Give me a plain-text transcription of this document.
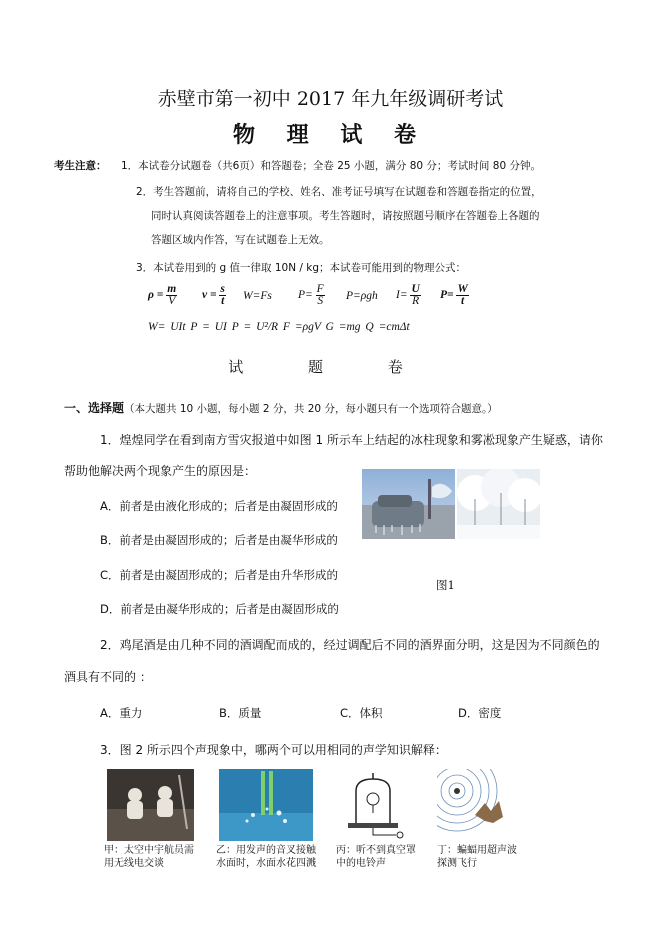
赤壁市第一初中 2017 年九年级调研考试
物 理 试 卷
考生注意： 1．本试卷分试题卷（共6页）和答题卷；全卷 25 小题，满分 80 分；考试时间 80 分钟。
2．考生答题前，请将自己的学校、姓名、准考证号填写在试题卷和答题卷指定的位置，
同时认真阅读答题卷上的注意事项。考生答题时，请按照题号顺序在答题卷上各题的
答题区域内作答，写在试题卷上无效。
3．本试卷用到的 g 值一律取 10N / kg；本试卷可能用到的物理公式：
$\rho = \frac{m}{V}$ $v = \frac{s}{t} W=Fs$ $P= \frac{F}{S} P=\rho gh$ $I= \frac{U}{R} P= \frac{W}{t}$
W= UIt P = UI P = U²/R F =ρgV G =mg Q =cmΔt
试 题 卷
一、选择题（本大题共 10 小题，每小题 2 分，共 20 分，每小题只有一个选项符合题意。）
1．煌煌同学在看到南方雪灾报道中如图 1 所示车上结起的冰柱现象和雾凇现象产生疑惑，请你
帮助他解决两个现象产生的原因是：
A．前者是由液化形成的；后者是由凝固形成的
B．前者是由凝固形成的；后者是由凝华形成的
C．前者是由凝固形成的；后者是由升华形成的
D．前者是由凝华形成的；后者是由凝固形成的
图1
2．鸡尾酒是由几种不同的酒调配而成的，经过调配后不同的酒界面分明，这是因为不同颜色的
酒具有不同的 ：
A．重力	B．质量	C．体积	D．密度
3．图 2 所示四个声现象中，哪两个可以用相同的声学知识解释：
甲：太空中宇航员需用无线电交谈
乙：用发声的音叉接触水面时，水面水花四溅
丙：听不到真空罩中的电铃声
丁：蝙蝠用超声波探测飞行
